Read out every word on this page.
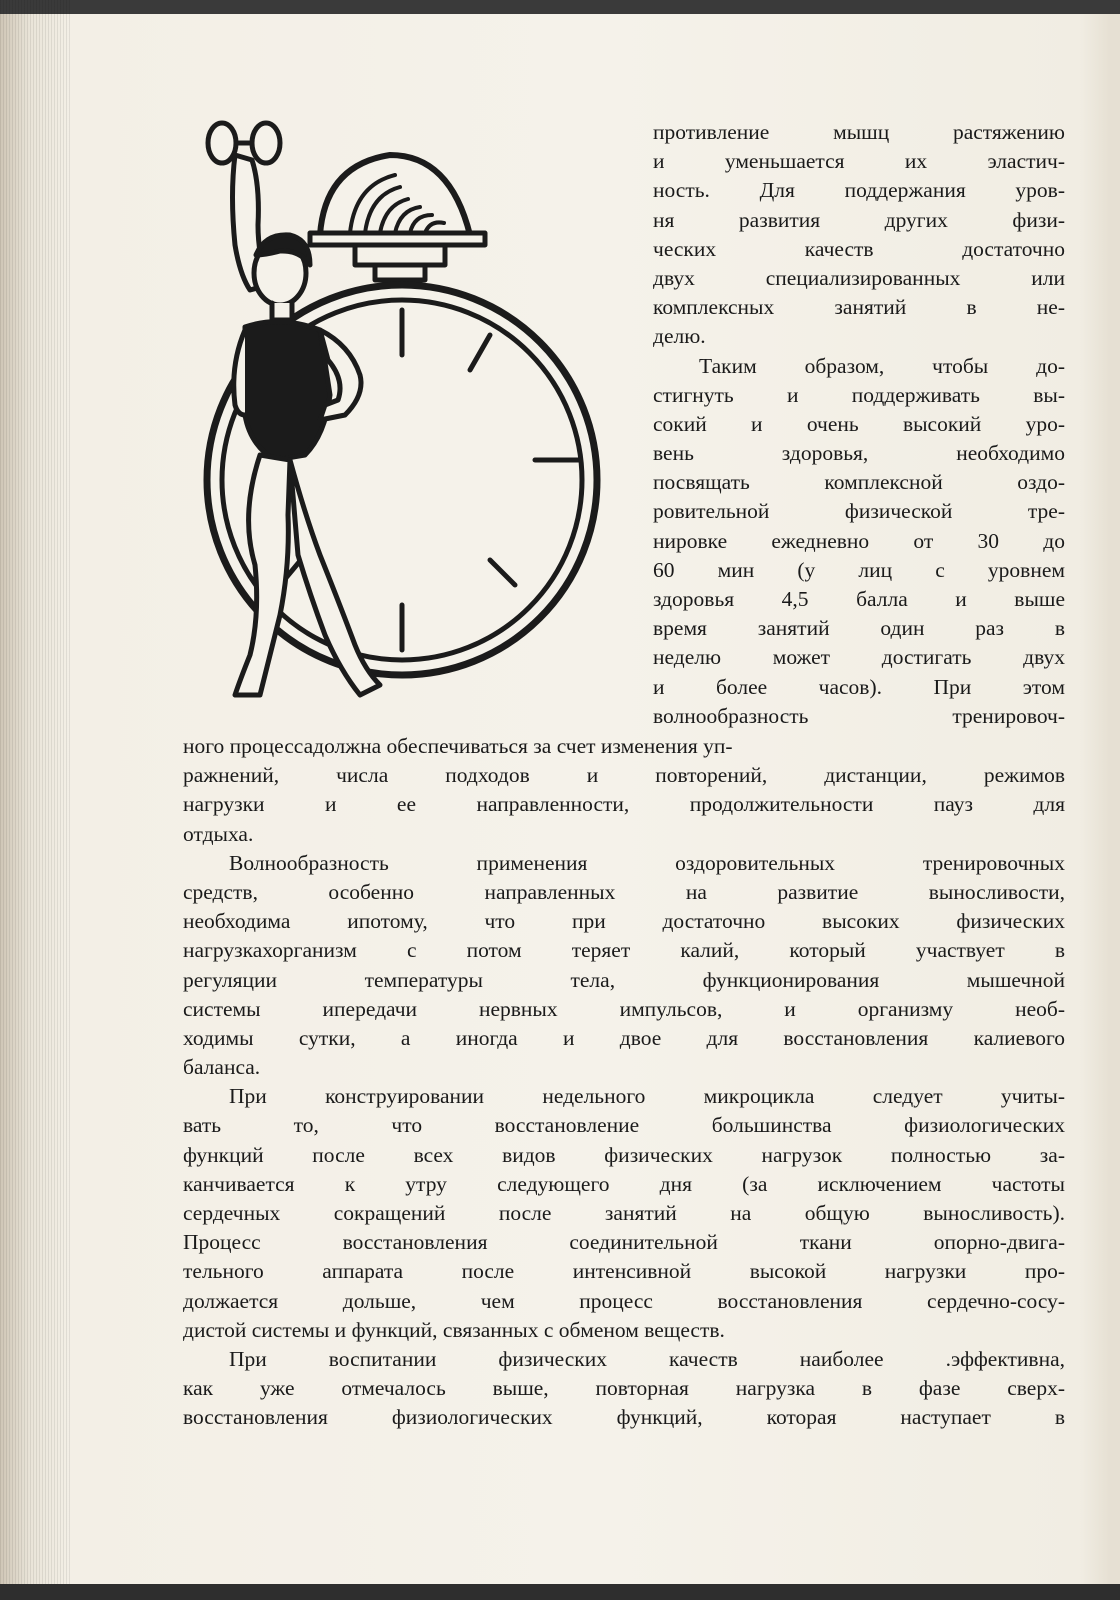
противление мышц растяжению
и уменьшается их эластич-
ность. Для поддержания уров-
ня развития других физи-
ческих качеств достаточно
двух специализированных или
комплексных занятий в не-
делю.
Таким образом, чтобы до-
стигнуть и поддерживать вы-
сокий и очень высокий уро-
вень здоровья, необходимо
посвящать комплексной оздо-
ровительной физической тре-
нировке ежедневно от 30 до
60 мин (у лиц с уровнем
здоровья 4,5 балла и выше
время занятий один раз в
неделю может достигать двух
и более часов). При этом
волнообразность тренировоч-
ного процессадолжна обеспечиваться за счет изменения уп-
ражнений, числа подходов и повторений, дистанции, режимов
нагрузки и ее направленности, продолжительности пауз для
отдыха.
Волнообразность применения оздоровительных тренировочных
средств, особенно направленных на развитие выносливости,
необходима ипотому, что при достаточно высоких физических
нагрузкахорганизм с потом теряет калий, который участвует в
регуляции температуры тела, функционирования мышечной
системы ипередачи нервных импульсов, и организму необ-
ходимы сутки, а иногда и двое для восстановления калиевого
баланса.
При конструировании недельного микроцикла следует учиты-
вать то, что восстановление большинства физиологических
функций после всех видов физических нагрузок полностью за-
канчивается к утру следующего дня (за исключением частоты
сердечных сокращений после занятий на общую выносливость).
Процесс восстановления соединительной ткани опорно-двига-
тельного аппарата после интенсивной высокой нагрузки про-
должается дольше, чем процесс восстановления сердечно-сосу-
дистой системы и функций, связанных с обменом веществ.
При воспитании физических качеств наиболее .эффективна,
как уже отмечалось выше, повторная нагрузка в фазе сверх-
восстановления физиологических функций, которая наступает в
